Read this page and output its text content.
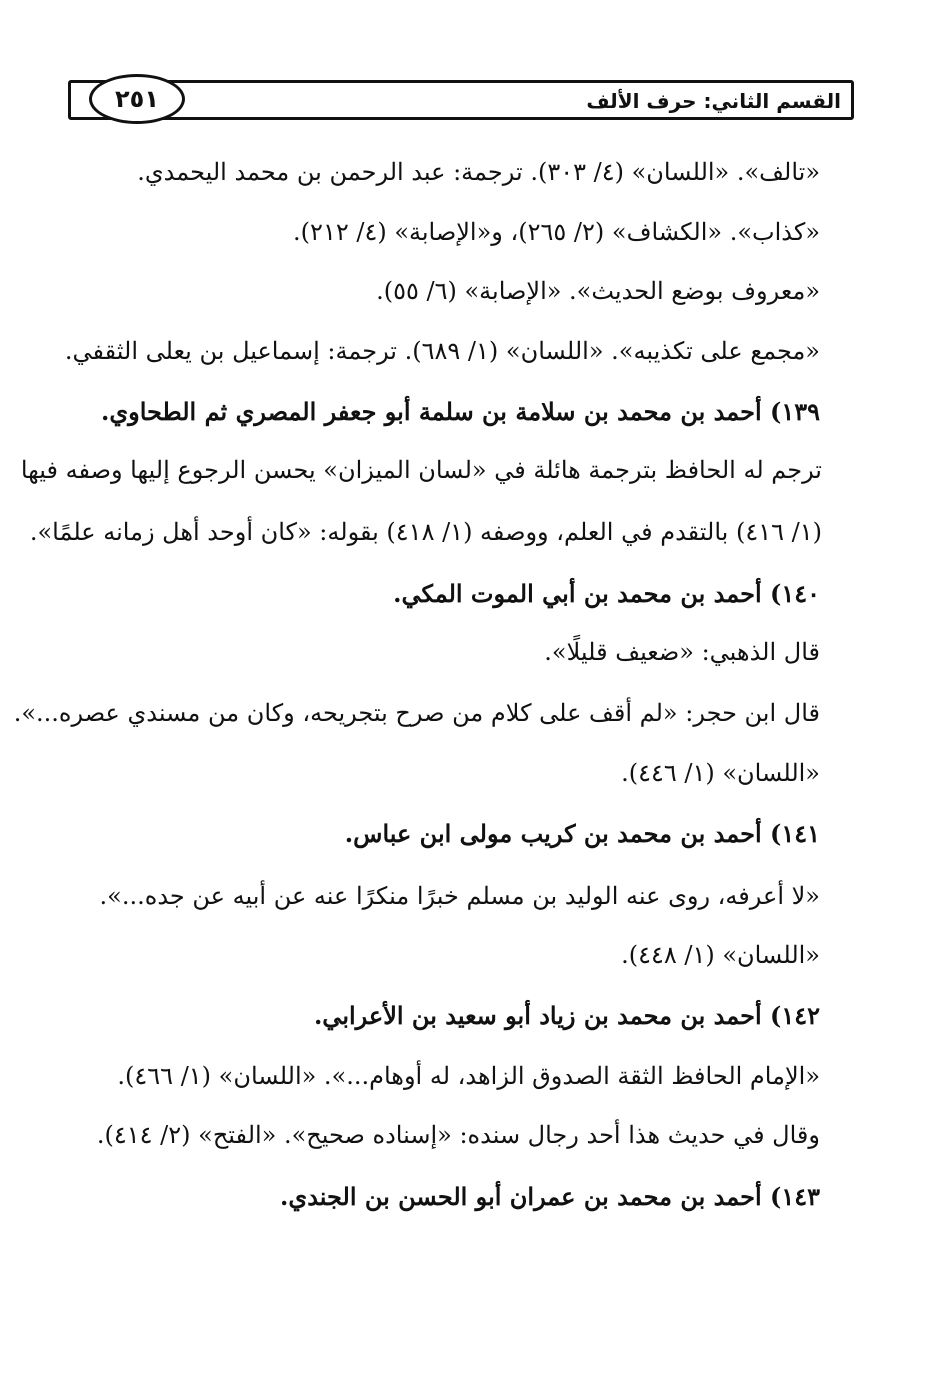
القسم الثاني: حرف الألف
٢٥١
«تالف». «اللسان» (٤/ ٣٠٣). ترجمة: عبد الرحمن بن محمد اليحمدي.
«كذاب». «الكشاف» (٢/ ٢٦٥)، و«الإصابة» (٤/ ٢١٢).
«معروف بوضع الحديث». «الإصابة» (٦/ ٥٥).
«مجمع على تكذيبه». «اللسان» (١/ ٦٨٩). ترجمة: إسماعيل بن يعلى الثقفي.
١٣٩) أحمد بن محمد بن سلامة بن سلمة أبو جعفر المصري ثم الطحاوي.
ترجم له الحافظ بترجمة هائلة في «لسان الميزان» يحسن الرجوع إليها وصفه فيها
(١/ ٤١٦) بالتقدم في العلم، ووصفه (١/ ٤١٨) بقوله: «كان أوحد أهل زمانه علمًا».
١٤٠) أحمد بن محمد بن أبي الموت المكي.
قال الذهبي: «ضعيف قليلًا».
قال ابن حجر: «لم أقف على كلام من صرح بتجريحه، وكان من مسندي عصره...».
«اللسان» (١/ ٤٤٦).
١٤١) أحمد بن محمد بن كريب مولى ابن عباس.
«لا أعرفه، روى عنه الوليد بن مسلم خبرًا منكرًا عنه عن أبيه عن جده...».
«اللسان» (١/ ٤٤٨).
١٤٢) أحمد بن محمد بن زياد أبو سعيد بن الأعرابي.
«الإمام الحافظ الثقة الصدوق الزاهد، له أوهام...». «اللسان» (١/ ٤٦٦).
وقال في حديث هذا أحد رجال سنده: «إسناده صحيح». «الفتح» (٢/ ٤١٤).
١٤٣) أحمد بن محمد بن عمران أبو الحسن بن الجندي.
